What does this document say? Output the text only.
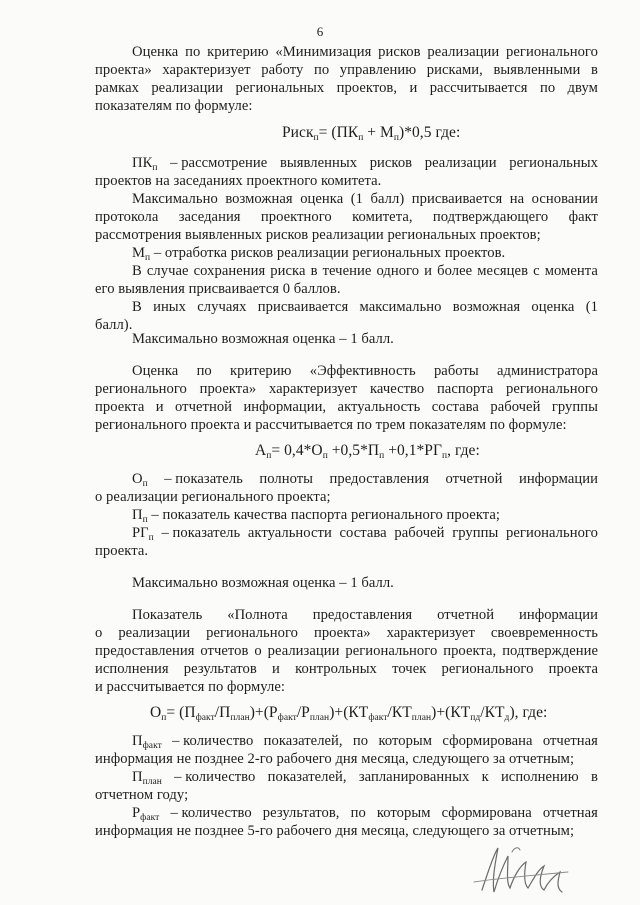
6
Оценка по критерию «Минимизация рисков реализации регионального
проекта» характеризует работу по управлению рисками, выявленными в
рамках реализации региональных проектов, и рассчитывается по двум
показателям по формуле:
Риск$_п$= $(ПК_п + М_п)*0,5$ где:
$ПК_п$ – рассмотрение выявленных рисков реализации региональных
проектов на заседаниях проектного комитета.
Максимально возможная оценка (1 балл) присваивается на основании
протокола заседания проектного комитета, подтверждающего факт
рассмотрения выявленных рисков реализации региональных проектов;
$М_п$ – отработка рисков реализации региональных проектов.
В случае сохранения риска в течение одного и более месяцев с момента
его выявления присваивается 0 баллов.
В иных случаях присваивается максимально возможная оценка (1
балл).
Максимально возможная оценка – 1 балл.
Оценка по критерию «Эффективность работы администратора
регионального проекта» характеризует качество паспорта регионального
проекта и отчетной информации, актуальность состава рабочей группы
регионального проекта и рассчитывается по трем показателям по формуле:
$А_п= 0,4*О_п +0,5*П_п +0,1*РГ_п$, где:
$О_п$ – показатель полноты предоставления отчетной информации
о реализации регионального проекта;
$П_п$ – показатель качества паспорта регионального проекта;
$РГ_п$ – показатель актуальности состава рабочей группы регионального
проекта.
Максимально возможная оценка – 1 балл.
Показатель «Полнота предоставления отчетной информации
о реализации регионального проекта» характеризует своевременность
предоставления отчетов о реализации регионального проекта, подтверждение
исполнения результатов и контрольных точек регионального проекта
и рассчитывается по формуле:
$О_п= (П_{факт}/П_{план})+(Р_{факт}/Р_{план})+(КТ_{факт}/КТ_{план})+(КТ_{пд}/КТ_д)$, где:
$П_{факт}$ – количество показателей, по которым сформирована отчетная
информация не позднее 2-го рабочего дня месяца, следующего за отчетным;
$П_{план}$ – количество показателей, запланированных к исполнению в
отчетном году;
$Р_{факт}$ – количество результатов, по которым сформирована отчетная
информация не позднее 5-го рабочего дня месяца, следующего за отчетным;
